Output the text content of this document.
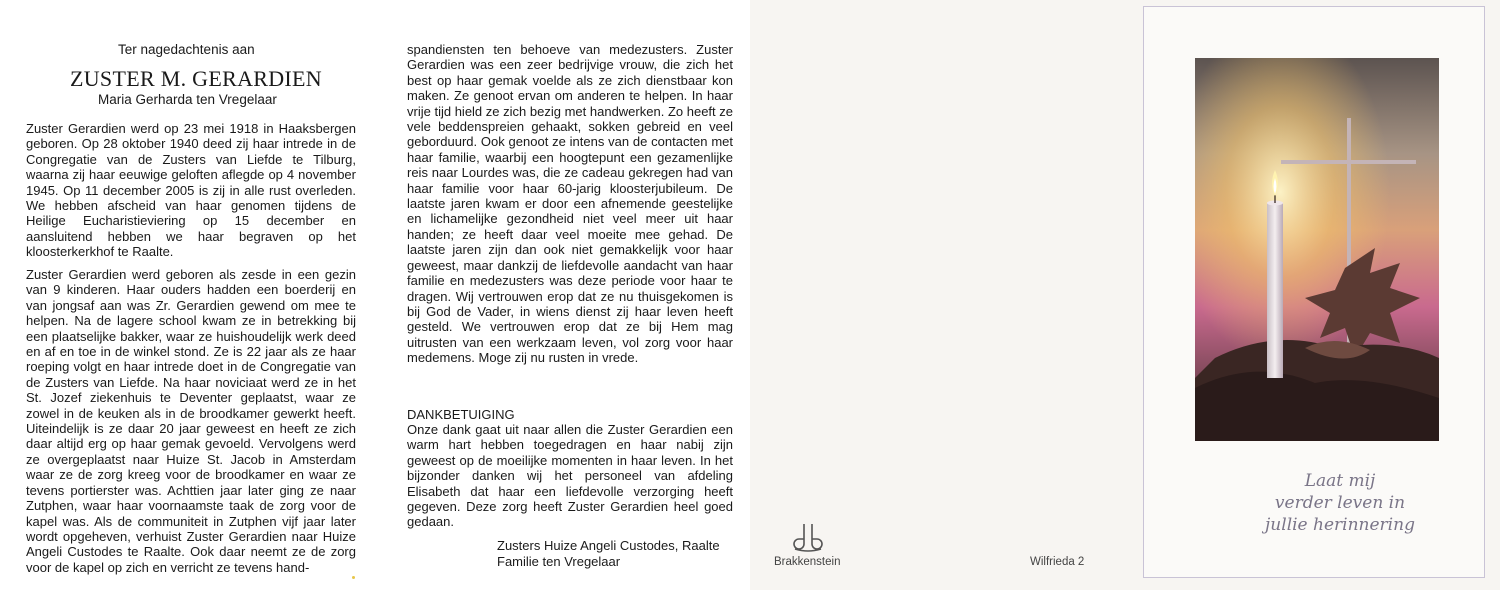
Ter nagedachtenis aan
ZUSTER M. GERARDIEN
Maria Gerharda ten Vregelaar
Zuster Gerardien werd op 23 mei 1918 in Haaksbergen geboren. Op 28 oktober 1940 deed zij haar intrede in de Congregatie van de Zusters van Liefde te Tilburg, waarna zij haar eeuwige geloften aflegde op 4 november 1945. Op 11 december 2005 is zij in alle rust overleden. We hebben afscheid van haar genomen tijdens de Heilige Eucharistieviering op 15 december en aansluitend hebben we haar begraven op het kloosterkerkhof te Raalte.
Zuster Gerardien werd geboren als zesde in een gezin van 9 kinderen. Haar ouders hadden een boerderij en van jongsaf aan was Zr. Gerardien gewend om mee te helpen. Na de lagere school kwam ze in betrekking bij een plaatselijke bakker, waar ze huishoudelijk werk deed en af en toe in de winkel stond. Ze is 22 jaar als ze haar roeping volgt en haar intrede doet in de Congregatie van de Zusters van Liefde. Na haar noviciaat werd ze in het St. Jozef ziekenhuis te Deventer geplaatst, waar ze zowel in de keuken als in de broodkamer gewerkt heeft. Uiteindelijk is ze daar 20 jaar geweest en heeft ze zich daar altijd erg op haar gemak gevoeld. Vervolgens werd ze overgeplaatst naar Huize St. Jacob in Amsterdam waar ze de zorg kreeg voor de broodkamer en waar ze tevens portierster was. Achttien jaar later ging ze naar Zutphen, waar haar voornaamste taak de zorg voor de kapel was. Als de communiteit in Zutphen vijf jaar later wordt opgeheven, verhuist Zuster Gerardien naar Huize Angeli Custodes te Raalte. Ook daar neemt ze de zorg voor de kapel op zich en verricht ze tevens hand-
spandiensten ten behoeve van medezusters. Zuster Gerardien was een zeer bedrijvige vrouw, die zich het best op haar gemak voelde als ze zich dienstbaar kon maken. Ze genoot ervan om anderen te helpen. In haar vrije tijd hield ze zich bezig met handwerken. Zo heeft ze vele beddenspreien gehaakt, sokken gebreid en veel geborduurd. Ook genoot ze intens van de contacten met haar familie, waarbij een hoogtepunt een gezamenlijke reis naar Lourdes was, die ze cadeau gekregen had van haar familie voor haar 60-jarig kloosterjubileum. De laatste jaren kwam er door een afnemende geestelijke en lichamelijke gezondheid niet veel meer uit haar handen; ze heeft daar veel moeite mee gehad. De laatste jaren zijn dan ook niet gemakkelijk voor haar geweest, maar dankzij de liefdevolle aandacht van haar familie en medezusters was deze periode voor haar te dragen. Wij vertrouwen erop dat ze nu thuisgekomen is bij God de Vader, in wiens dienst zij haar leven heeft gesteld. We vertrouwen erop dat ze bij Hem mag uitrusten van een werkzaam leven, vol zorg voor haar medemens. Moge zij nu rusten in vrede.
DANKBETUIGING
Onze dank gaat uit naar allen die Zuster Gerardien een warm hart hebben toegedragen en haar nabij zijn geweest op de moeilijke momenten in haar leven. In het bijzonder danken wij het personeel van afdeling Elisabeth dat haar een liefdevolle verzorging heeft gegeven. Deze zorg heeft Zuster Gerardien heel goed gedaan.
Zusters Huize Angeli Custodes, Raalte
Familie ten Vregelaar	Brakkenstein	Wilfrieda 2
Laat mij
verder leven in
jullie herinnering
